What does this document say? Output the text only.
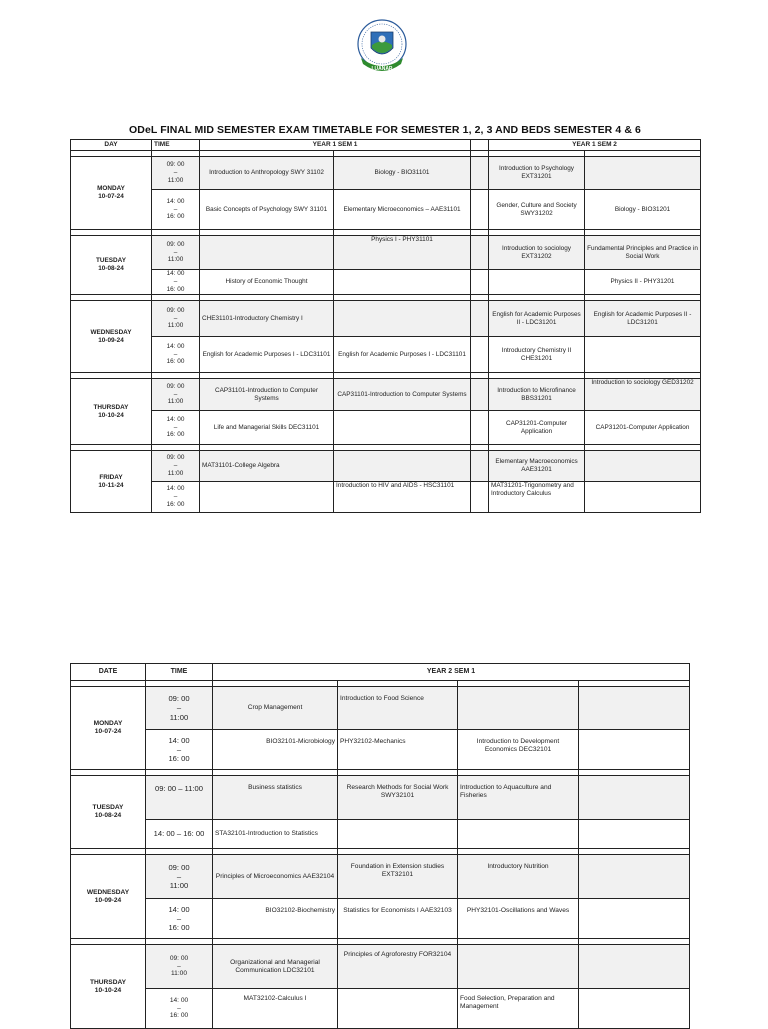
LUANAR
ODeL FINAL MID SEMESTER EXAM TIMETABLE FOR SEMESTER 1, 2, 3 AND BEDS SEMESTER 4 & 6
DAY	TIME	YEAR 1 SEM 1			YEAR 1 SEM 2	

MONDAY
10-07-24	09: 00
–
11:00	Introduction to Anthropology SWY 31102	Biology - BIO31101		Introduction to Psychology EXT31201	

	14: 00
–
16: 00	Basic Concepts of Psychology SWY 31101	Elementary Microeconomics – AAE31101		Gender, Culture and Society SWY31202	Biology - BIO31201

TUESDAY
10-08-24	09: 00
–
11:00		Physics I - PHY31101		Introduction to sociology EXT31202	Fundamental Principles and Practice in Social Work

	14: 00
–
16: 00	History of Economic Thought				Physics II - PHY31201

WEDNESDAY
10-09-24	09: 00
–
11:00	CHE31101-Introductory Chemistry I			English for Academic Purposes II - LDC31201	English for Academic Purposes II - LDC31201

	14: 00
–
16: 00	English for Academic Purposes I - LDC31101	English for Academic Purposes I - LDC31101		Introductory Chemistry II CHE31201	

THURSDAY
10-10-24	09: 00
–
11:00	CAP31101-Introduction to Computer Systems	CAP31101-Introduction to Computer Systems		Introduction to Microfinance BBS31201	Introduction to sociology GED31202

	14: 00
–
16: 00	Life and Managerial Skills DEC31101			CAP31201-Computer Application	CAP31201-Computer Application

FRIDAY
10-11-24	09: 00
–
11:00	MAT31101-College Algebra			Elementary Macroeconomics AAE31201	

	14: 00
–
16: 00		Introduction to HIV and AIDS - HSC31101		MAT31201-Trigonometry and Introductory Calculus	
DATE	TIME	YEAR 2 SEM 1			

MONDAY
10-07-24	09: 00
–
11:00	Crop Management	Introduction to Food Science		

	14: 00
–
16: 00	BIO32101-Microbiology	PHY32102-Mechanics	Introduction to Development Economics DEC32101	

TUESDAY
10-08-24	09: 00 – 11:00	Business statistics	Research Methods for Social Work SWY32101	Introduction to Aquaculture and Fisheries	
	14: 00 – 16: 00	STA32101-Introduction to Statistics			

WEDNESDAY
10-09-24	09: 00
–
11:00	Principles of Microeconomics AAE32104	Foundation in Extension studies EXT32101	Introductory Nutrition	

	14: 00
–
16: 00	BIO32102-Biochemistry	Statistics for Economists I AAE32103	PHY32101-Oscillations and Waves	

THURSDAY
10-10-24	09: 00
–
11:00	Organizational and Managerial Communication LDC32101	Principles of Agroforestry FOR32104		

	14: 00
–
16: 00	MAT32102-Calculus I		Food Selection, Preparation and Management	
